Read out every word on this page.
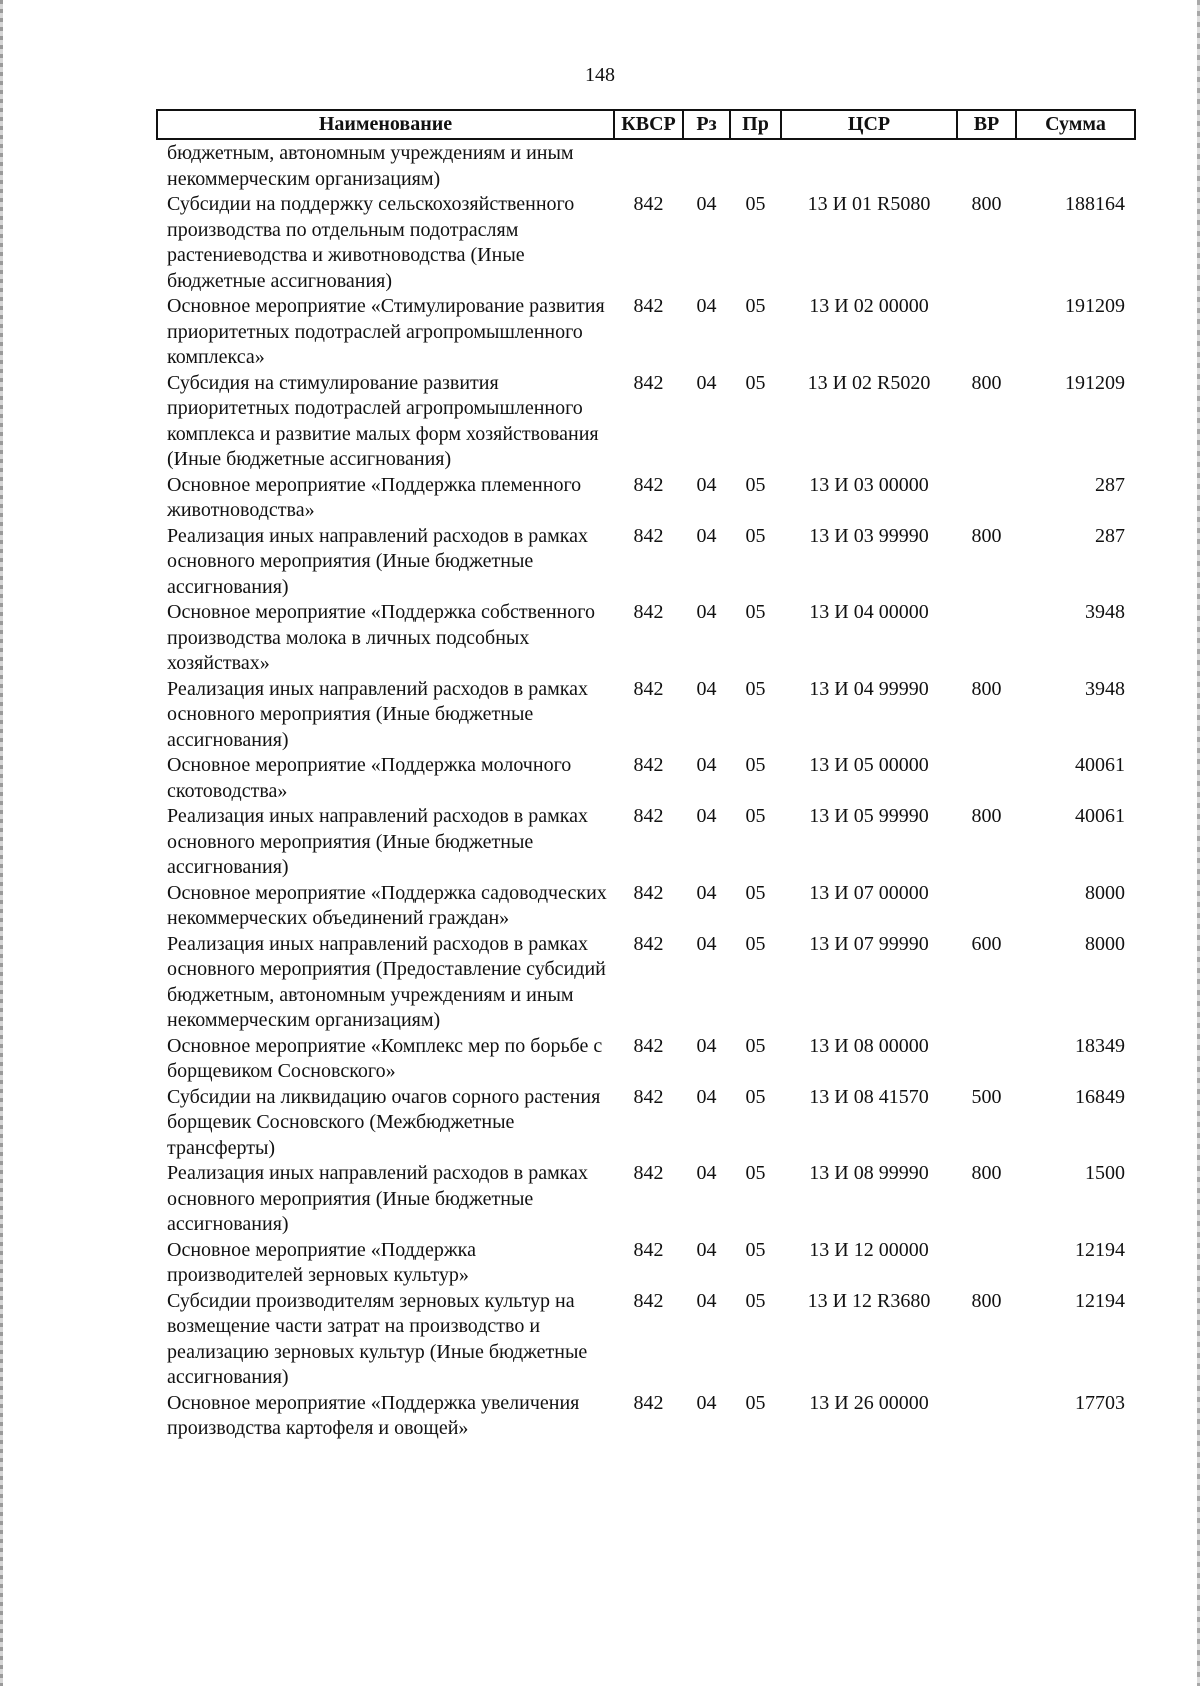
148
Наименование	КВСР	Рз	Пр	ЦСР	ВР	Сумма
бюджетным, автономным учреждениям и иным некоммерческим организациям)						
Субсидии на поддержку сельскохозяйственного производства по отдельным подотраслям растениеводства и животноводства (Иные бюджетные ассигнования)	842	04	05	13 И 01 R5080	800	188164
Основное мероприятие «Стимулирование развития приоритетных подотраслей агропромышленного комплекса»	842	04	05	13 И 02 00000		191209
Субсидия на стимулирование развития приоритетных подотраслей агропромышленного комплекса и развитие малых форм хозяйствования (Иные бюджетные ассигнования)	842	04	05	13 И 02 R5020	800	191209
Основное мероприятие «Поддержка племенного животноводства»	842	04	05	13 И 03 00000		287
Реализация иных направлений расходов в рамках основного мероприятия (Иные бюджетные ассигнования)	842	04	05	13 И 03 99990	800	287
Основное мероприятие «Поддержка собственного производства молока в личных подсобных хозяйствах»	842	04	05	13 И 04 00000		3948
Реализация иных направлений расходов в рамках основного мероприятия (Иные бюджетные ассигнования)	842	04	05	13 И 04 99990	800	3948
Основное мероприятие «Поддержка молочного скотоводства»	842	04	05	13 И 05 00000		40061
Реализация иных направлений расходов в рамках основного мероприятия (Иные бюджетные ассигнования)	842	04	05	13 И 05 99990	800	40061
Основное мероприятие «Поддержка садоводческих некоммерческих объединений граждан»	842	04	05	13 И 07 00000		8000
Реализация иных направлений расходов в рамках основного мероприятия (Предоставление субсидий бюджетным, автономным учреждениям и иным некоммерческим организациям)	842	04	05	13 И 07 99990	600	8000
Основное мероприятие «Комплекс мер по борьбе с борщевиком Сосновского»	842	04	05	13 И 08 00000		18349
Субсидии на ликвидацию очагов сорного растения борщевик Сосновского (Межбюджетные трансферты)	842	04	05	13 И 08 41570	500	16849
Реализация иных направлений расходов в рамках основного мероприятия (Иные бюджетные ассигнования)	842	04	05	13 И 08 99990	800	1500
Основное мероприятие «Поддержка производителей зерновых культур»	842	04	05	13 И 12 00000		12194
Субсидии производителям зерновых культур на возмещение части затрат на производство и реализацию зерновых культур (Иные бюджетные ассигнования)	842	04	05	13 И 12 R3680	800	12194
Основное мероприятие «Поддержка увеличения производства картофеля и овощей»	842	04	05	13 И 26 00000		17703
